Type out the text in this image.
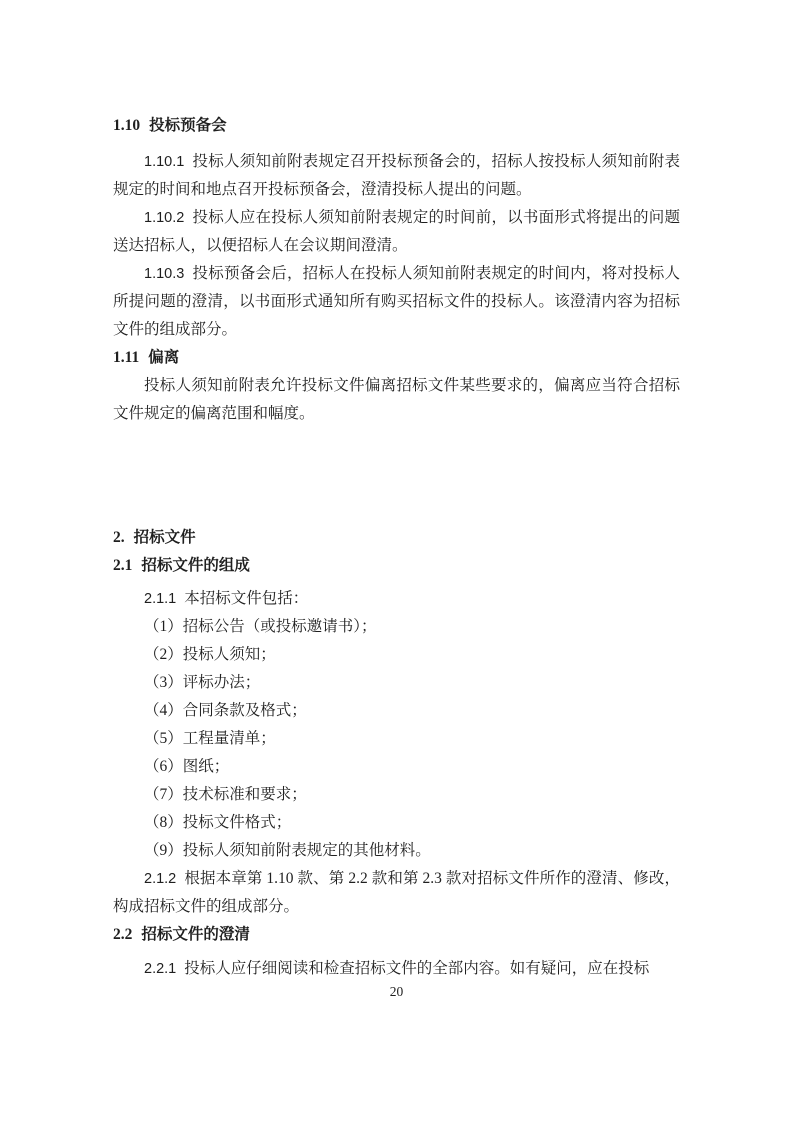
1.10 投标预备会

1.10.1 投标人须知前附表规定召开投标预备会的，招标人按投标人须知前附表规定的时间和地点召开投标预备会，澄清投标人提出的问题。

1.10.2 投标人应在投标人须知前附表规定的时间前，以书面形式将提出的问题送达招标人，以便招标人在会议期间澄清。

1.10.3 投标预备会后，招标人在投标人须知前附表规定的时间内，将对投标人所提问题的澄清，以书面形式通知所有购买招标文件的投标人。该澄清内容为招标文件的组成部分。

1.11 偏离

投标人须知前附表允许投标文件偏离招标文件某些要求的，偏离应当符合招标文件规定的偏离范围和幅度。

2. 招标文件
2.1 招标文件的组成

2.1.1 本招标文件包括：

（1）招标公告（或投标邀请书）；

（2）投标人须知；

（3）评标办法；

（4）合同条款及格式；

（5）工程量清单；

（6）图纸；

（7）技术标准和要求；

（8）投标文件格式；

（9）投标人须知前附表规定的其他材料。

2.1.2 根据本章第 1.10 款、第 2.2 款和第 2.3 款对招标文件所作的澄清、修改，构成招标文件的组成部分。

2.2 招标文件的澄清

2.2.1 投标人应仔细阅读和检查招标文件的全部内容。如有疑问，应在投标

20
